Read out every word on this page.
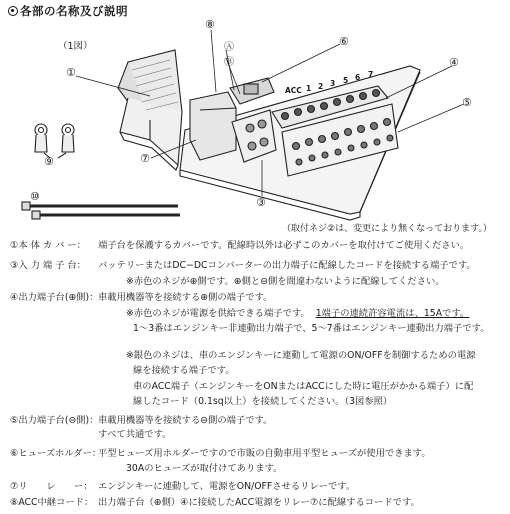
各部の名称及び説明
（1図）
①
⑧
Ⓐ
Ⓑ
⑥
④
⑤
⑦
⑨
③
⑩
ACC 1 2 3 5 6 7
（取付ネジ②は、変更により無くなっております。）
①本 体 カ バ ー： 端子台を保護するカバーです。配線時以外は必ずこのカバーを取付けてご使用ください。
③入 力 端 子 台： バッテリーまたはDC−DCコンバーターの出力端子に配線したコードを接続する端子です。
※赤色のネジが⊕側です。⊕側と⊖側を間違わないように配線してください。
④出力端子台(⊕側)：車載用機器等を接続する⊕側の端子です。
※赤色のネジが電源を供給できる端子です。 1端子の連続許容電流は、15Aです。
1〜3番はエンジンキー非連動出力端子で、5〜7番はエンジンキー連動出力端子です。
※銀色のネジは、車のエンジンキーに連動して電源のON/OFFを制御するための電源
線を接続する端子です。
車のACC端子（エンジンキーをONまたはACCにした時に電圧がかかる端子）に配
線したコード（0.1sq以上）を接続してください。（3図参照）
⑤出力端子台(⊖側)：車載用機器等を接続する⊖側の端子です。
すべて共通です。
⑥ヒューズホルダー：平型ヒューズ用ホルダーですので市販の自動車用平型ヒューズが使用できます。
30Aのヒューズが取付けてあります。
⑦リ　　レ　　ー： エンジンキーに連動して、電源をON/OFFさせるリレーです。
⑧ACC中継コード： 出力端子台（⊕側）④に接続したACC電源をリレー⑦に配線するコードです。
